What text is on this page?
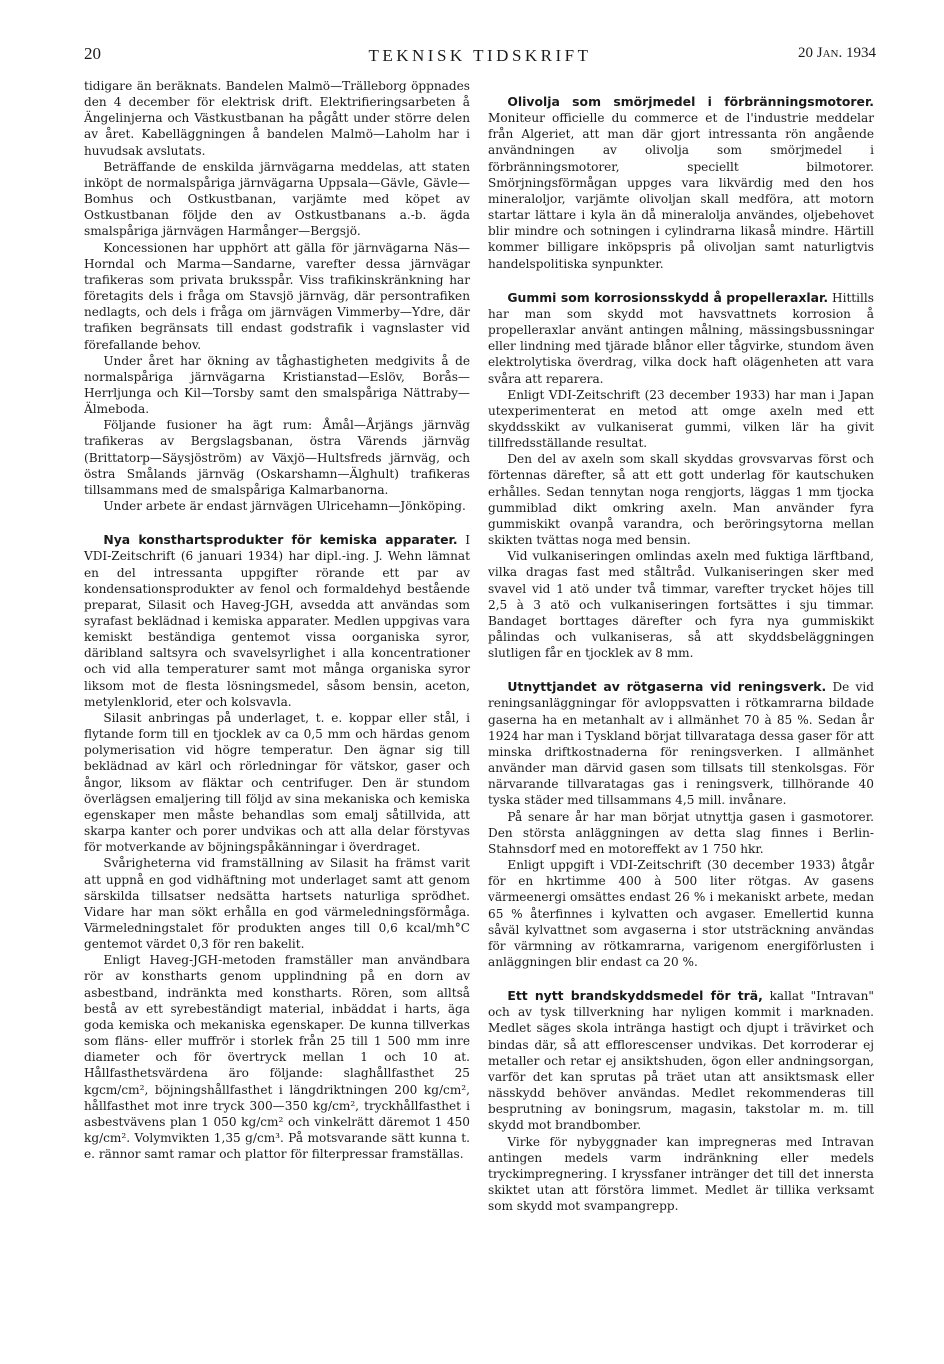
20	TEKNISK TIDSKRIFT	20 Jan. 1934

tidigare än beräknats. Bandelen Malmö—Trälleborg öppnades den 4 december för elektrisk drift. Elektrifieringsarbeten å Ängelinjerna och Västkustbanan ha pågått under större delen av året. Kabelläggningen å bandelen Malmö—Laholm har i huvudsak avslutats.

Beträffande de enskilda järnvägarna meddelas, att staten inköpt de normalspåriga järnvägarna Uppsala—Gävle, Gävle—Bomhus och Ostkustbanan, varjämte med köpet av Ostkustbanan följde den av Ostkustbanans a.-b. ägda smalspåriga järnvägen Harmånger—Bergsjö.

Koncessionen har upphört att gälla för järnvägarna Näs—Horndal och Marma—Sandarne, varefter dessa järnvägar trafikeras som privata bruksspår. Viss trafikinskränkning har företagits dels i fråga om Stavsjö järnväg, där persontrafiken nedlagts, och dels i fråga om järnvägen Vimmerby—Ydre, där trafiken begränsats till endast godstrafik i vagnslaster vid förefallande behov.

Under året har ökning av tåghastigheten medgivits å de normalspåriga järnvägarna Kristianstad—Eslöv, Borås—Herrljunga och Kil—Torsby samt den smalspåriga Nättraby—Älmeboda.

Följande fusioner ha ägt rum: Åmål—Årjängs järnväg trafikeras av Bergslagsbanan, östra Värends järnväg (Brittatorp—Säysjöström) av Växjö—Hultsfreds järnväg, och östra Smålands järnväg (Oskarshamn—Älghult) trafikeras tillsammans med de smalspåriga Kalmarbanorna.

Under arbete är endast järnvägen Ulricehamn—Jönköping.

Nya konsthartsprodukter för kemiska apparater. I VDI-Zeitschrift (6 januari 1934) har dipl.-ing. J. Wehn lämnat en del intressanta uppgifter rörande ett par av kondensationsprodukter av fenol och formaldehyd bestående preparat, Silasit och Haveg-JGH, avsedda att användas som syrafast beklädnad i kemiska apparater. Medlen uppgivas vara kemiskt beständiga gentemot vissa oorganiska syror, däribland saltsyra och svavelsyrlighet i alla koncentrationer och vid alla temperaturer samt mot många organiska syror liksom mot de flesta lösningsmedel, såsom bensin, aceton, metylenklorid, eter och kolsvavla.

Silasit anbringas på underlaget, t. e. koppar eller stål, i flytande form till en tjocklek av ca 0,5 mm och härdas genom polymerisation vid högre temperatur. Den ägnar sig till beklädnad av kärl och rörledningar för vätskor, gaser och ångor, liksom av fläktar och centrifuger. Den är stundom överlägsen emaljering till följd av sina mekaniska och kemiska egenskaper men måste behandlas som emalj såtillvida, att skarpa kanter och porer undvikas och att alla delar förstyvas för motverkande av böjningspåkänningar i överdraget.

Svårigheterna vid framställning av Silasit ha främst varit att uppnå en god vidhäftning mot underlaget samt att genom särskilda tillsatser nedsätta hartsets naturliga sprödhet. Vidare har man sökt erhålla en god värmeledningsförmåga. Värmeledningstalet för produkten anges till 0,6 kcal/mh°C gentemot värdet 0,3 för ren bakelit.

Enligt Haveg-JGH-metoden framställer man användbara rör av konstharts genom upplindning på en dorn av asbestband, indränkta med konstharts. Rören, som alltså bestå av ett syrebeständigt material, inbäddat i harts, äga goda kemiska och mekaniska egenskaper. De kunna tillverkas som fläns- eller muffrör i storlek från 25 till 1 500 mm inre diameter och för övertryck mellan 1 och 10 at. Hållfasthetsvärdena äro följande: slaghållfasthet 25 kgcm/cm², böjningshållfasthet i längdriktningen 200 kg/cm², hållfasthet mot inre tryck 300—350 kg/cm², tryckhållfasthet i asbestvävens plan 1 050 kg/cm² och vinkelrätt däremot 1 450 kg/cm². Volymvikten 1,35 g/cm³. På motsvarande sätt kunna t. e. rännor samt ramar och plattor för filterpressar framställas.

Olivolja som smörjmedel i förbränningsmotorer. Moniteur officielle du commerce et de l'industrie meddelar från Algeriet, att man där gjort intressanta rön angående användningen av olivolja som smörjmedel i förbränningsmotorer, speciellt bilmotorer. Smörjningsförmågan uppges vara likvärdig med den hos mineraloljor, varjämte olivoljan skall medföra, att motorn startar lättare i kyla än då mineralolja användes, oljebehovet blir mindre och sotningen i cylindrarna likaså mindre. Härtill kommer billigare inköpspris på olivoljan samt naturligtvis handelspolitiska synpunkter.

Gummi som korrosionsskydd å propelleraxlar. Hittills har man som skydd mot havsvattnets korrosion å propelleraxlar använt antingen målning, mässingsbussningar eller lindning med tjärade blånor eller tågvirke, stundom även elektrolytiska överdrag, vilka dock haft olägenheten att vara svåra att reparera.

Enligt VDI-Zeitschrift (23 december 1933) har man i Japan utexperimenterat en metod att omge axeln med ett skyddsskikt av vulkaniserat gummi, vilken lär ha givit tillfredsställande resultat.

Den del av axeln som skall skyddas grovsvarvas först och förtennas därefter, så att ett gott underlag för kautschuken erhålles. Sedan tennytan noga rengjorts, läggas 1 mm tjocka gummiblad dikt omkring axeln. Man använder fyra gummiskikt ovanpå varandra, och beröringsytorna mellan skikten tvättas noga med bensin.

Vid vulkaniseringen omlindas axeln med fuktiga lärftband, vilka dragas fast med ståltråd. Vulkaniseringen sker med svavel vid 1 atö under två timmar, varefter trycket höjes till 2,5 à 3 atö och vulkaniseringen fortsättes i sju timmar. Bandaget borttages därefter och fyra nya gummiskikt pålindas och vulkaniseras, så att skyddsbeläggningen slutligen får en tjocklek av 8 mm.

Utnyttjandet av rötgaserna vid reningsverk. De vid reningsanläggningar för avloppsvatten i rötkamrarna bildade gaserna ha en metanhalt av i allmänhet 70 à 85 %. Sedan år 1924 har man i Tyskland börjat tillvarataga dessa gaser för att minska driftkostnaderna för reningsverken. I allmänhet använder man därvid gasen som tillsats till stenkolsgas. För närvarande tillvaratagas gas i reningsverk, tillhörande 40 tyska städer med tillsammans 4,5 mill. invånare.

På senare år har man börjat utnyttja gasen i gasmotorer. Den största anläggningen av detta slag finnes i Berlin-Stahnsdorf med en motoreffekt av 1 750 hkr.

Enligt uppgift i VDI-Zeitschrift (30 december 1933) åtgår för en hkrtimme 400 à 500 liter rötgas. Av gasens värmeenergi omsättes endast 26 % i mekaniskt arbete, medan 65 % återfinnes i kylvatten och avgaser. Emellertid kunna såväl kylvattnet som avgaserna i stor utsträckning användas för värmning av rötkamrarna, varigenom energiförlusten i anläggningen blir endast ca 20 %.

Ett nytt brandskyddsmedel för trä, kallat "Intravan" och av tysk tillverkning har nyligen kommit i marknaden. Medlet säges skola intränga hastigt och djupt i trävirket och bindas där, så att efflorescenser undvikas. Det korroderar ej metaller och retar ej ansiktshuden, ögon eller andningsorgan, varför det kan sprutas på träet utan att ansiktsmask eller nässkydd behöver användas. Medlet rekommenderas till besprutning av boningsrum, magasin, takstolar m. m. till skydd mot brandbomber.

Virke för nybyggnader kan impregneras med Intravan antingen medels varm indränkning eller medels tryckimpregnering. I kryssfaner intränger det till det innersta skiktet utan att förstöra limmet. Medlet är tillika verksamt som skydd mot svampangrepp.
